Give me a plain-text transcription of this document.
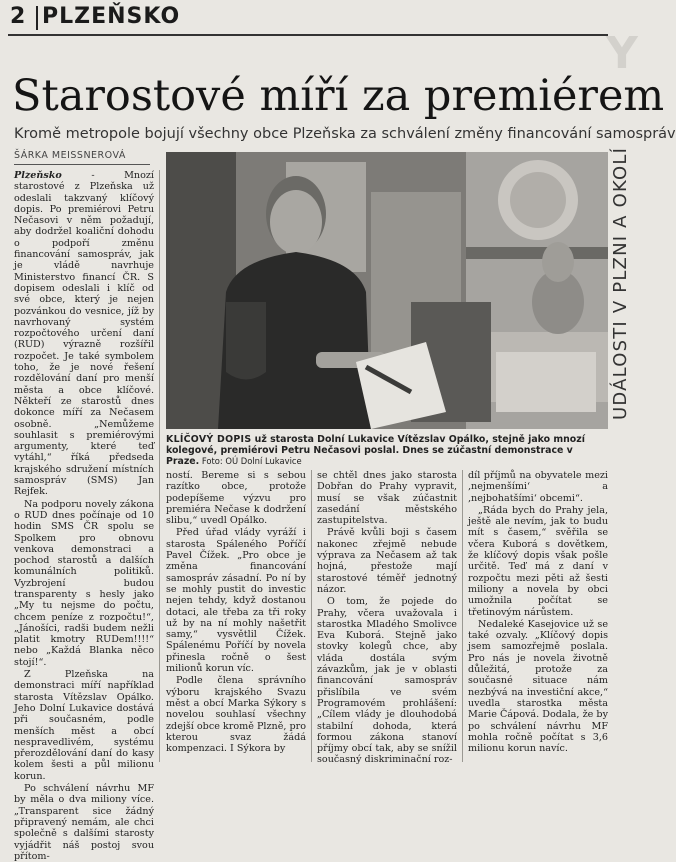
2 PLZEŇSKO
Y
UDÁLOSTI V PLZNI A OKOLÍ
Starostové míří za premiérem
Kromě metropole bojují všechny obce Plzeňska za schválení změny financování samospráv
ŠÁRKA MEISSNEROVÁ

Plzeňsko - Mnozí starostové z Plzeňska už odeslali takzvaný klíčový dopis. Po premiérovi Petru Nečasovi v něm požadují, aby dodržel koaliční dohodu o podpoří změnu financování samospráv, jak je vládě navrhuje Ministerstvo financí ČR. S dopisem odeslali i klíč od své obce, který je nejen pozvánkou do vesnice, jíž by navrhovaný systém rozpočtového určení daní (RUD) výrazně rozšířil rozpočet. Je také symbolem toho, že je nové řešení rozdělování daní pro menší města a obce klíčové. Někteří ze starostů dnes dokonce míří za Nečasem osobně. „Nemůžeme souhlasit s premiérovými argumenty, které teď vytáhl,“ říká předseda krajského sdružení místních samospráv (SMS) Jan Rejfek.

Na podporu novely zákona o RUD dnes počínaje od 10 hodin SMS ČR spolu se Spolkem pro obnovu venkova demonstraci a pochod starostů a dalších komunálních politiků. Vyzbrojení budou transparenty s hesly jako „My tu nejsme do počtu, chcem peníze z rozpočtu!“, „Jánošíci, radši budem nežli platit kmotry RUDem!!!!“ nebo „Každá Blanka něco stojí!“.

Z Plzeňska na demonstraci míří například starosta Vítězslav Opálko. Jeho Dolní Lukavice dostává při současném, podle menších měst a obcí nespravedlivém, systému přerozdělování daní do kasy kolem šesti a půl milionu korun.

Po schválení návrhu MF by měla o dva miliony více. „Transparent sice žádný připravený nemám, ale chci společně s dalšími starosty vyjádřit náš postoj svou přítom-

KLÍČOVÝ DOPIS už starosta Dolní Lukavice Vítězslav Opálko, stejně jako mnozí kolegové, premiérovi Petru Nečasovi poslal. Dnes se zúčastní demonstrace v Praze. Foto: OÚ Dolní Lukavice

ností. Bereme si s sebou razítko obce, protože podepíšeme výzvu pro premiéra Nečase k dodržení slibu,“ uvedl Opálko.

Před úřad vlády vyráží i starosta Spáleného Poříčí Pavel Čížek. „Pro obce je změna financování samospráv zásadní. Po ní by se mohly pustit do investic nejen tehdy, když dostanou dotaci, ale třeba za tři roky už by na ní mohly našetřit samy,“ vysvětlil Čížek. Spálenému Poříčí by novela přinesla ročně o šest milionů korun víc.

Podle člena správního výboru krajského Svazu měst a obcí Marka Sýkory s novelou souhlasí všechny zdejší obce kromě Plzně, pro kterou svaz žádá kompenzaci. I Sýkora by

se chtěl dnes jako starosta Dobřan do Prahy vypravit, musí se však zúčastnit zasedání městského zastupitelstva.

Právě kvůli boji s časem nakonec zřejmě nebude výprava za Nečasem až tak hojná, přestože mají starostové téměř jednotný názor.

O tom, že pojede do Prahy, včera uvažovala i starostka Mladého Smolivce Eva Kuborá. Stejně jako stovky kolegů chce, aby vláda dostála svým závazkům, jak je v oblasti financování samospráv přislíbila ve svém Programovém prohlášení: „Cílem vlády je dlouhodobá stabilní dohoda, která formou zákona stanoví příjmy obcí tak, aby se snížil současný diskriminační roz-

díl příjmů na obyvatele mezi ‚nejmenšími‘ a ‚nejbohatšími‘ obcemi“.

„Ráda bych do Prahy jela, ještě ale nevím, jak to budu mít s časem,“ svěřila se včera Kuborá s dovětkem, že klíčový dopis však pošle určitě. Teď má z daní v rozpočtu mezi pěti až šesti miliony a novela by obci umožnila počítat se třetinovým nárůstem.

Nedaleké Kasejovice už se také ozvaly. „Klíčový dopis jsem samozřejmě poslala. Pro nás je novela životně důležitá, protože za současné situace nám nezbývá na investiční akce,“ uvedla starostka města Marie Čápová. Dodala, že by po schválení návrhu MF mohla ročně počítat s 3,6 milionu korun navíc.
